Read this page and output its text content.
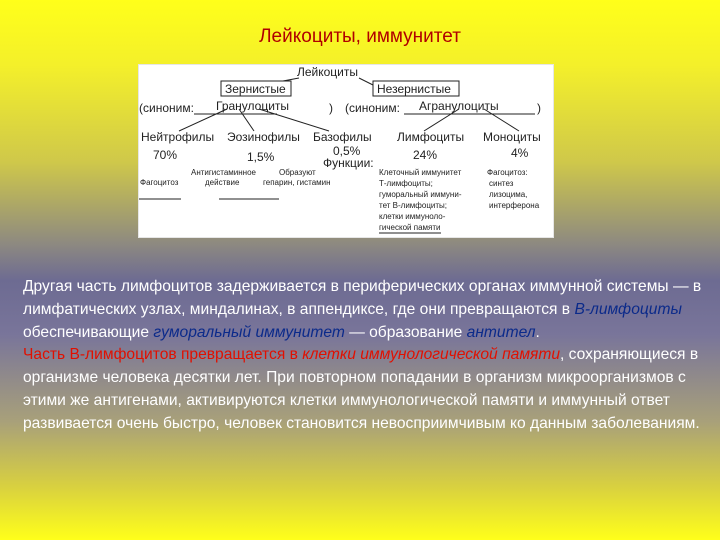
Лейкоциты, иммунитет
Лейкоциты
Зернистые	Незернистые
(синоним: Гранулоциты	) (синоним: Агранулоциты	)
Нейтрофилы
70%
Эозинофилы
1,5%
Базофилы
0,5%
Лимфоциты
24%
Моноциты
4%
Функции:
Фагоцитоз
Антигистаминное
действие
Образуют
гепарин, гистамин
Клеточный иммунитет
Т-лимфоциты;
гуморальный иммуни-
тет В-лимфоциты;
клетки иммуноло-
гической памяти
Фагоцитоз:
синтез
лизоцима,
интерферона
Другая часть лимфоцитов задерживается в периферических органах иммунной системы — в лимфатических узлах, миндалинах, в аппендиксе, где они превращаются в В-лимфоциты обеспечивающие гуморальный иммунитет — образование антител.
Часть В-лимфоцитов превращается в клетки иммунологической памяти, сохраняющиеся в организме человека десятки лет. При повторном попадании в организм микроорганизмов с этими же антигенами, активируются клетки иммунологической памяти и иммунный ответ развивается очень быстро, человек становится невосприимчивым ко данным заболеваниям.
